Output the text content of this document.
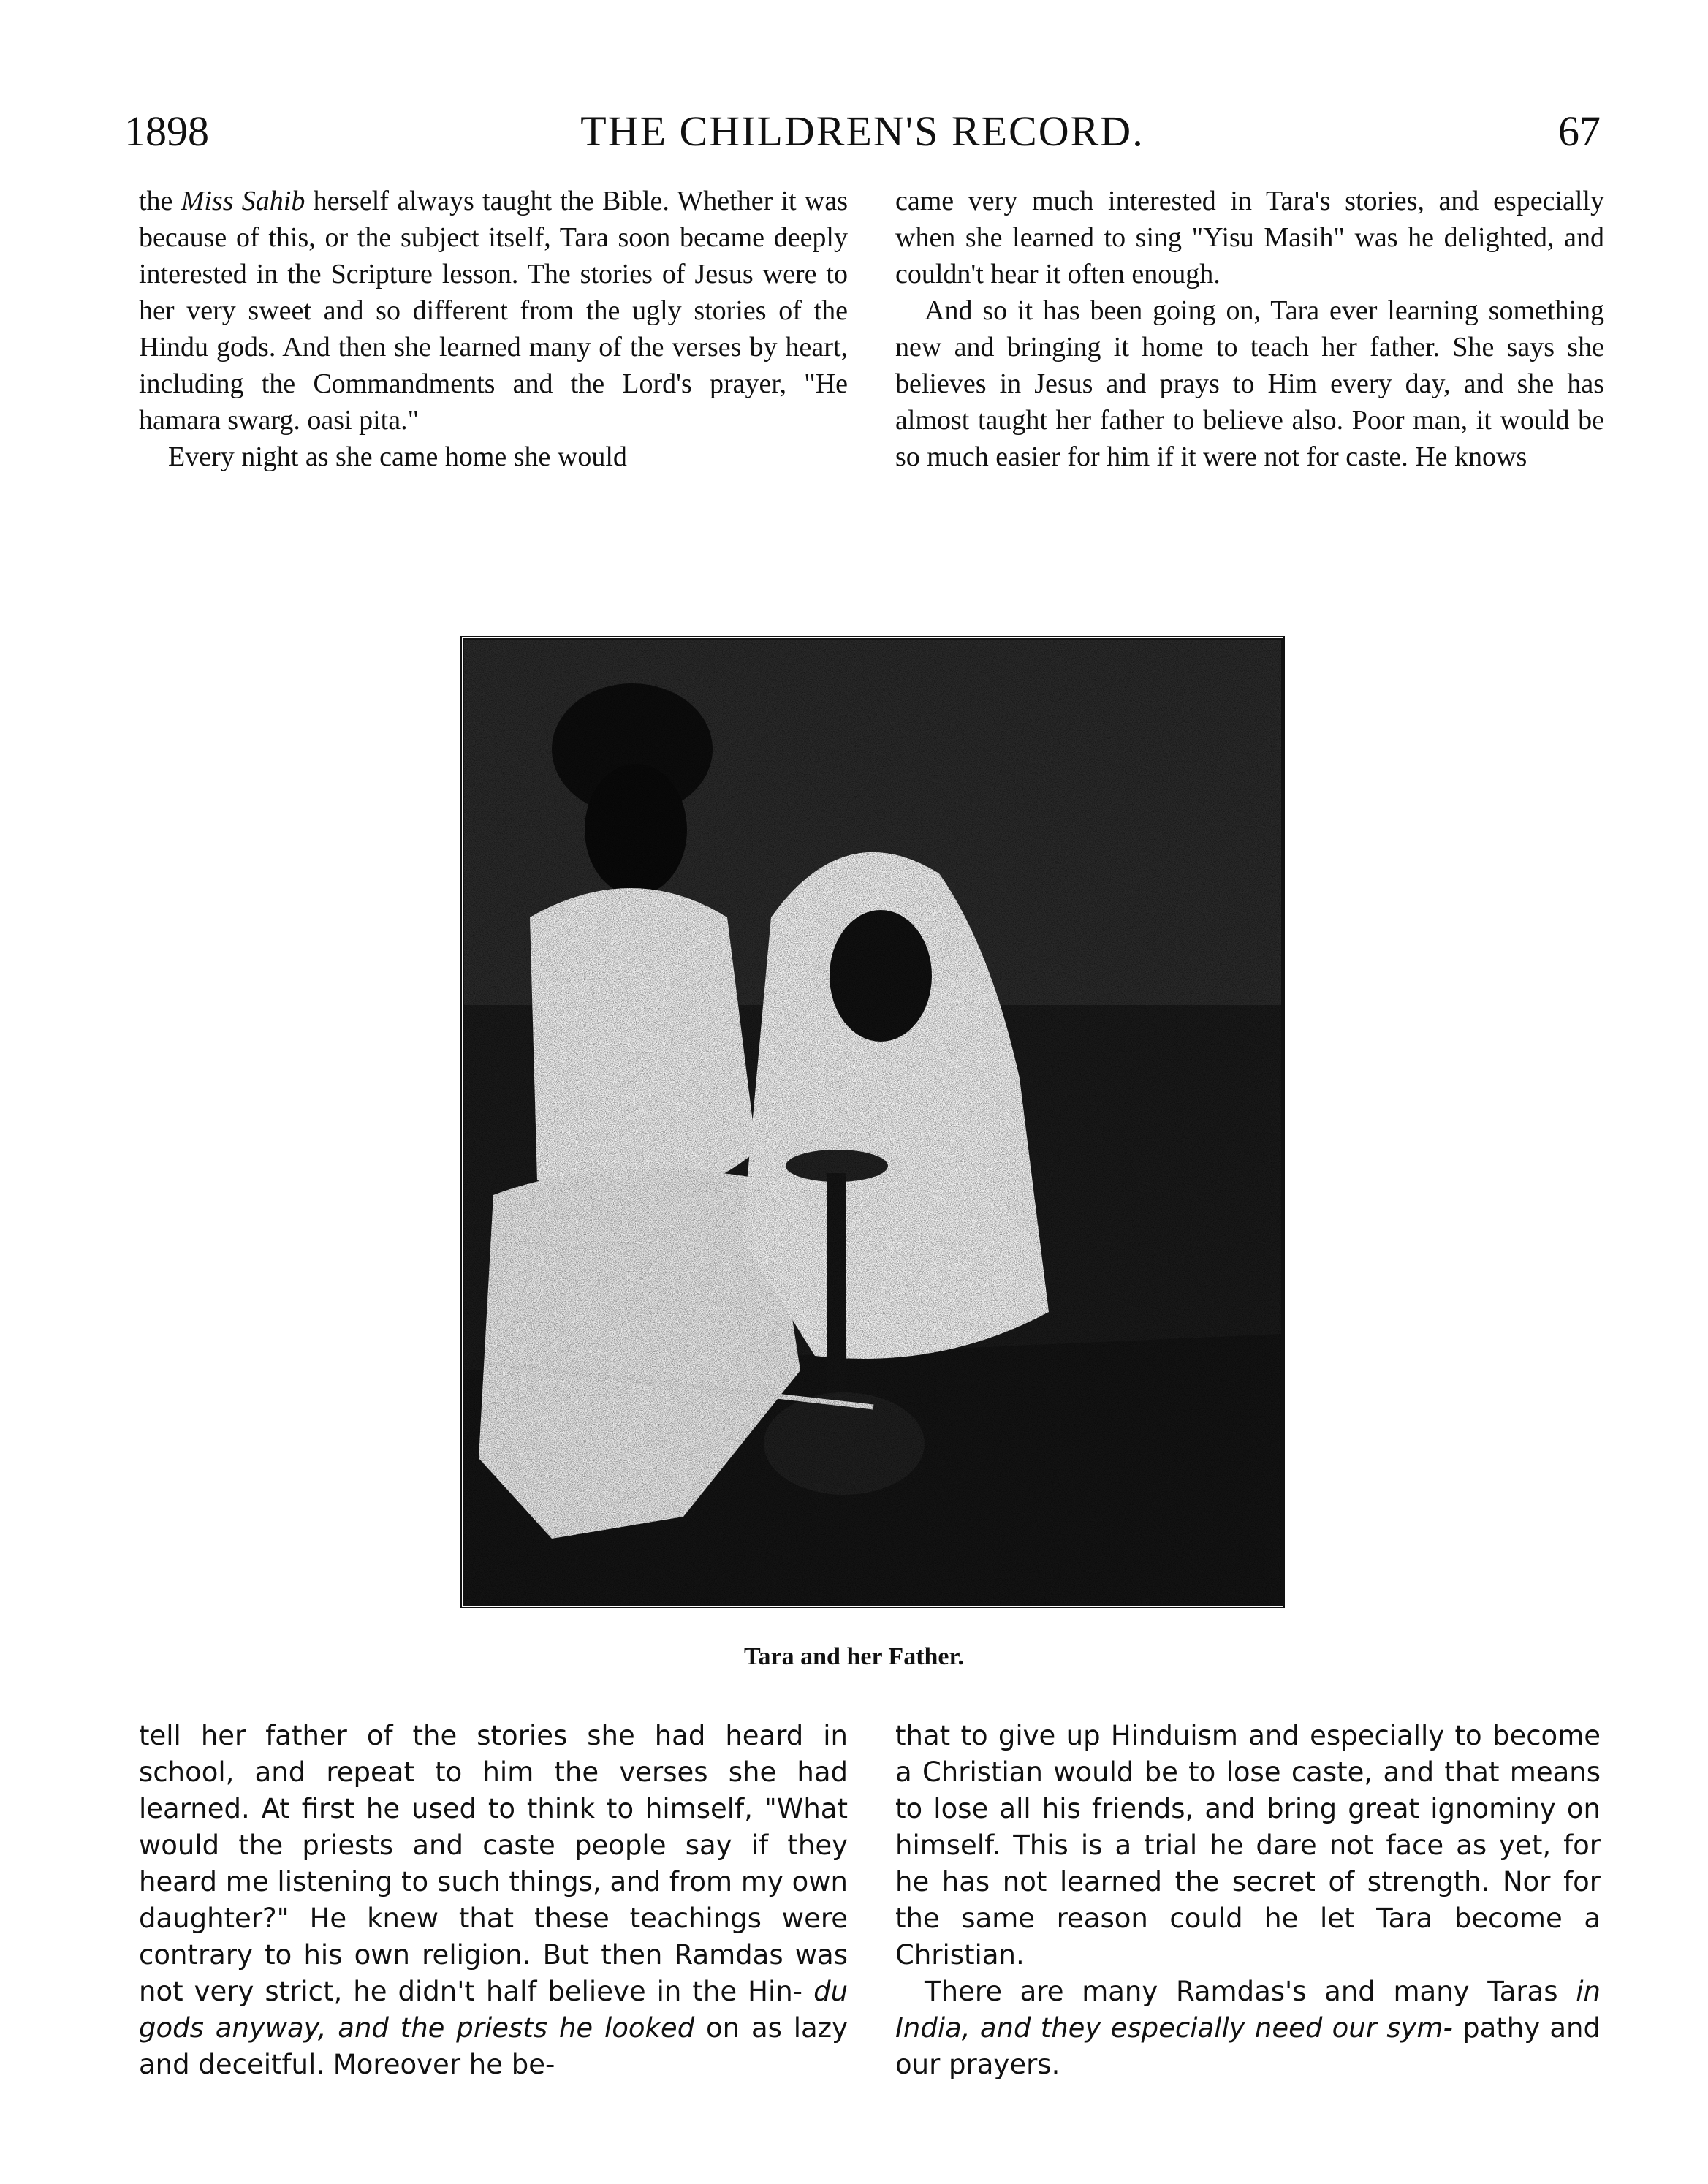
1898	THE CHILDREN'S RECORD.	67

the Miss Sahib herself always taught the Bible. Whether it was because of this, or the subject itself, Tara soon became deeply interested in the Scripture lesson. The stories of Jesus were to her very sweet and so different from the ugly stories of the Hindu gods. And then she learned many of the verses by heart, including the Commandments and the Lord's prayer, "He hamara swarg. oasi pita."

Every night as she came home she would

came very much interested in Tara's stories, and especially when she learned to sing "Yisu Masih" was he delighted, and couldn't hear it often enough.

And so it has been going on, Tara ever learning something new and bringing it home to teach her father. She says she believes in Jesus and prays to Him every day, and she has almost taught her father to believe also. Poor man, it would be so much easier for him if it were not for caste. He knows

Tara and her Father.

tell her father of the stories she had heard in school, and repeat to him the verses she had learned. At first he used to think to himself, "What would the priests and caste people say if they heard me listening to such things, and from my own daughter?" He knew that these teachings were contrary to his own religion. But then Ramdas was not very strict, he didn't half believe in the Hin- du gods anyway, and the priests he looked on as lazy and deceitful. Moreover he be-

that to give up Hinduism and especially to become a Christian would be to lose caste, and that means to lose all his friends, and bring great ignominy on himself. This is a trial he dare not face as yet, for he has not learned the secret of strength. Nor for the same reason could he let Tara become a Christian.

There are many Ramdas's and many Taras in India, and they especially need our sym- pathy and our prayers.
